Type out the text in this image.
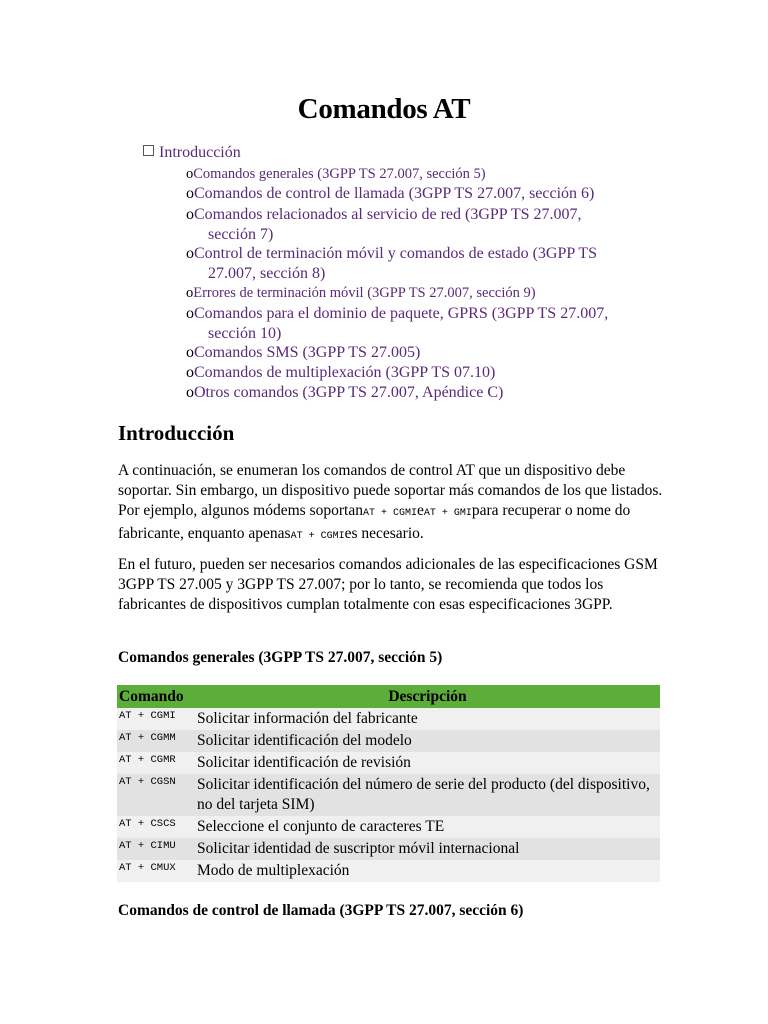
Comandos AT
Introducción
oComandos generales (3GPP TS 27.007, sección 5)
oComandos de control de llamada (3GPP TS 27.007, sección 6)
oComandos relacionados al servicio de red (3GPP TS 27.007,
sección 7)
oControl de terminación móvil y comandos de estado (3GPP TS
27.007, sección 8)
oErrores de terminación móvil (3GPP TS 27.007, sección 9)
oComandos para el dominio de paquete, GPRS (3GPP TS 27.007,
sección 10)
oComandos SMS (3GPP TS 27.005)
oComandos de multiplexación (3GPP TS 07.10)
oOtros comandos (3GPP TS 27.007, Apéndice C)
Introducción

A continuación, se enumeran los comandos de control AT que un dispositivo debe soportar. Sin embargo, un dispositivo puede soportar más comandos de los que listados. Por ejemplo, algunos módems soportanAT + CGMIeAT + GMIpara recuperar o nome do fabricante, enquanto apenasAT + CGMIes necesario.

En el futuro, pueden ser necesarios comandos adicionales de las especificaciones GSM 3GPP TS 27.005 y 3GPP TS 27.007; por lo tanto, se recomienda que todos los fabricantes de dispositivos cumplan totalmente con esas especificaciones 3GPP.

Comandos generales (3GPP TS 27.007, sección 5)
Comando	Descripción
AT + CGMI	Solicitar información del fabricante
AT + CGMM	Solicitar identificación del modelo
AT + CGMR	Solicitar identificación de revisión
AT + CGSN	Solicitar identificación del número de serie del producto (del dispositivo, no del tarjeta SIM)
AT + CSCS	Seleccione el conjunto de caracteres TE
AT + CIMU	Solicitar identidad de suscriptor móvil internacional
AT + CMUX	Modo de multiplexación
Comandos de control de llamada (3GPP TS 27.007, sección 6)
